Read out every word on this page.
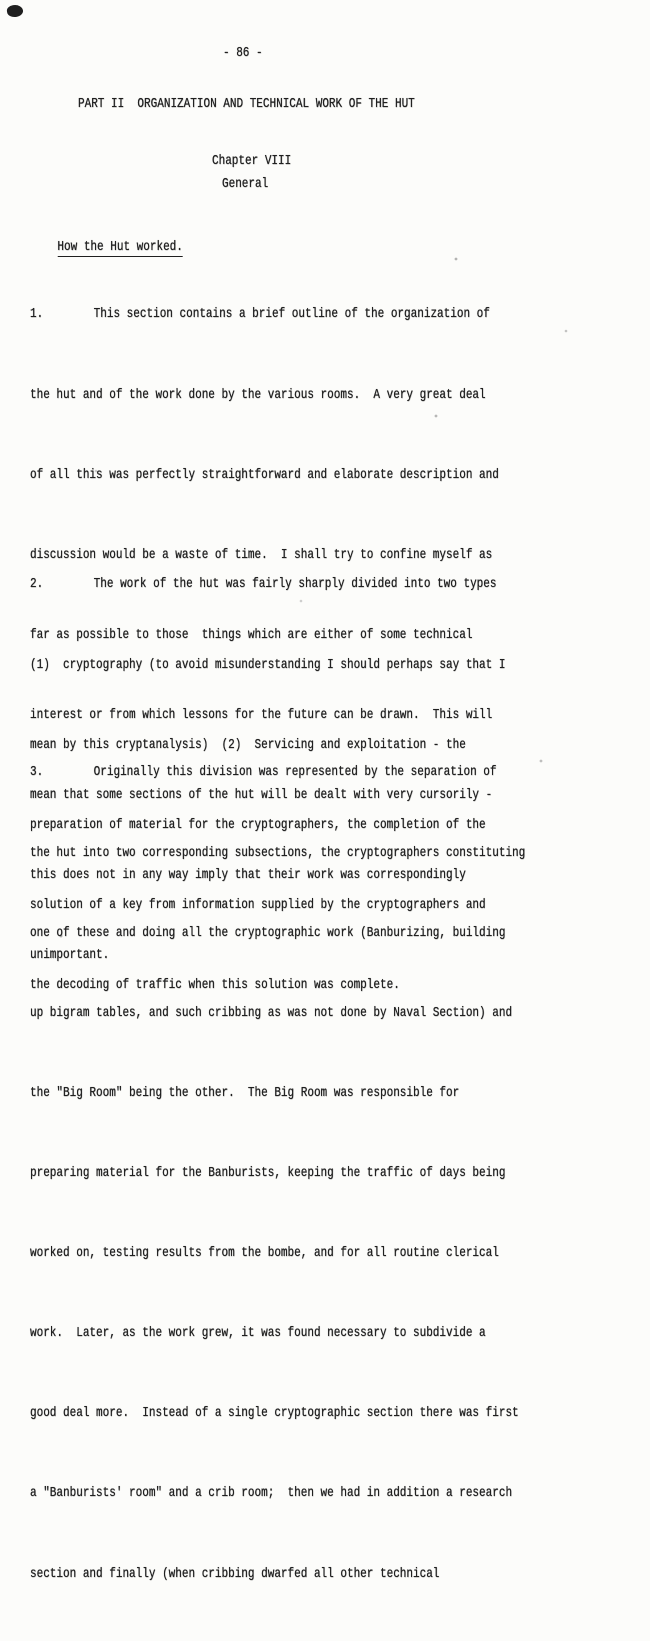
- 86 -
PART II  ORGANIZATION AND TECHNICAL WORK OF THE HUT
Chapter VIII
General

How the Hut worked.

1.	This section contains a brief outline of the organization of

the hut and of the work done by the various rooms.  A very great deal

of all this was perfectly straightforward and elaborate description and

discussion would be a waste of time.  I shall try to confine myself as

far as possible to those  things which are either of some technical

interest or from which lessons for the future can be drawn.  This will

mean that some sections of the hut will be dealt with very cursorily -

this does not in any way imply that their work was correspondingly

unimportant.

2.	The work of the hut was fairly sharply divided into two types

(1)  cryptography (to avoid misunderstanding I should perhaps say that I

mean by this cryptanalysis)  (2)  Servicing and exploitation - the

preparation of material for the cryptographers, the completion of the

solution of a key from information supplied by the cryptographers and

the decoding of traffic when this solution was complete.

3.	Originally this division was represented by the separation of

the hut into two corresponding subsections, the cryptographers constituting

one of these and doing all the cryptographic work (Banburizing, building

up bigram tables, and such cribbing as was not done by Naval Section) and

the "Big Room" being the other.  The Big Room was responsible for

preparing material for the Banburists, keeping the traffic of days being

worked on, testing results from the bombe, and for all routine clerical

work.  Later, as the work grew, it was found necessary to subdivide a

good deal more.  Instead of a single cryptographic section there was first

a "Banburists' room" and a crib room;  then we had in addition a research

section and finally (when cribbing dwarfed all other technical
